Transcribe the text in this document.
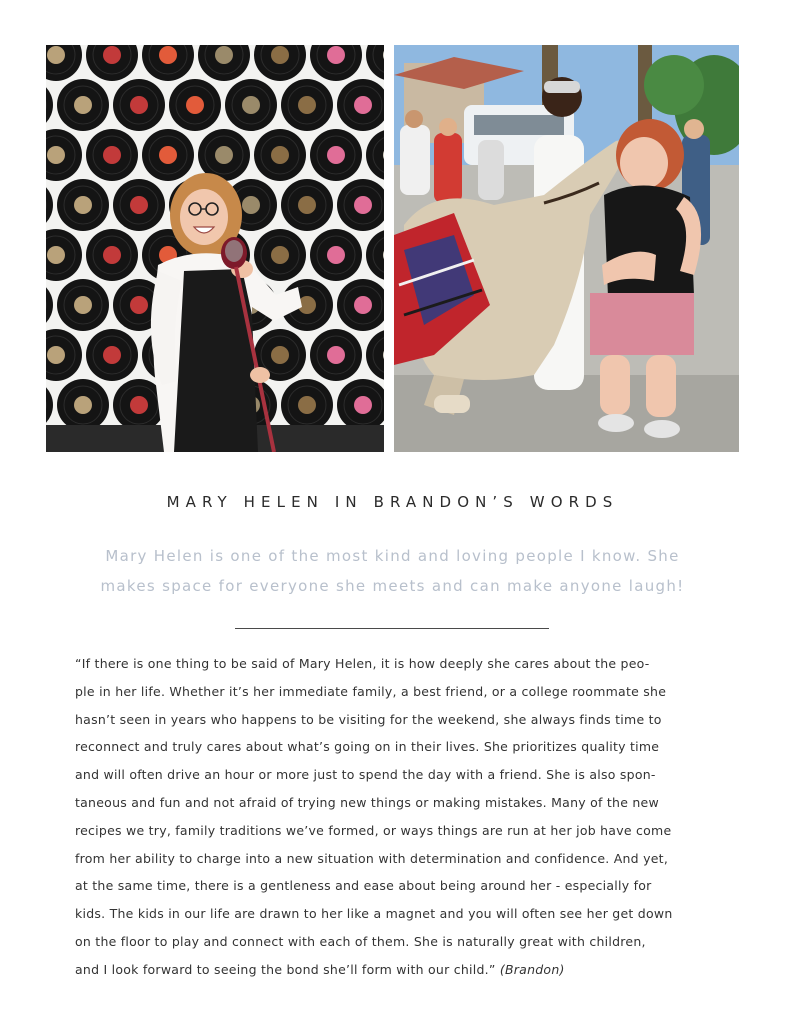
MARY HELEN IN BRANDON’S WORDS

Mary Helen is one of the most kind and loving people I know. She
makes space for everyone she meets and can make anyone laugh!

“If there is one thing to be said of Mary Helen, it is how deeply she cares about the peo-
ple in her life. Whether it’s her immediate family, a best friend, or a college roommate she
hasn’t seen in years who happens to be visiting for the weekend, she always finds time to
reconnect and truly cares about what’s going on in their lives. She prioritizes quality time
and will often drive an hour or more just to spend the day with a friend. She is also spon-
taneous and fun and not afraid of trying new things or making mistakes. Many of the new
recipes we try, family traditions we’ve formed, or ways things are run at her job have come
from her ability to charge into a new situation with determination and confidence. And yet,
at the same time, there is a gentleness and ease about being around her - especially for
kids. The kids in our life are drawn to her like a magnet and you will often see her get down
on the floor to play and connect with each of them. She is naturally great with children,
and I look forward to seeing the bond she’ll form with our child.” (Brandon)
